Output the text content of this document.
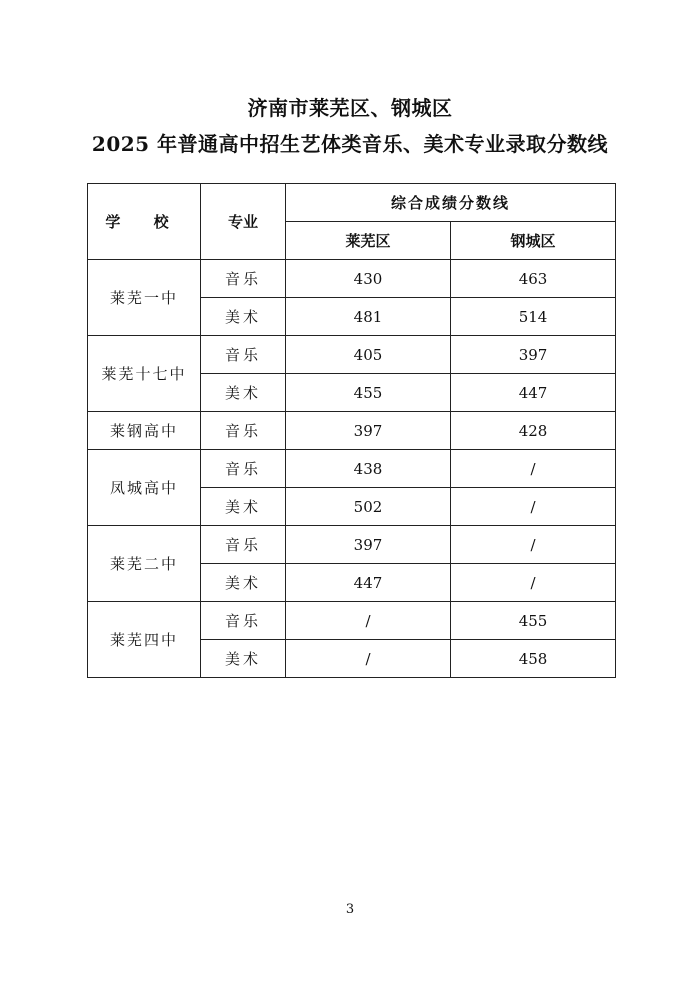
济南市莱芜区、钢城区
2025 年普通高中招生艺体类音乐、美术专业录取分数线
学 校	专业	综合成绩分数线	
		莱芜区	钢城区
莱芜一中	音乐	430	463
	美术	481	514
莱芜十七中	音乐	405	397
	美术	455	447
莱钢高中	音乐	397	428
凤城高中	音乐	438	/
	美术	502	/
莱芜二中	音乐	397	/
	美术	447	/
莱芜四中	音乐	/	455
	美术	/	458
3
